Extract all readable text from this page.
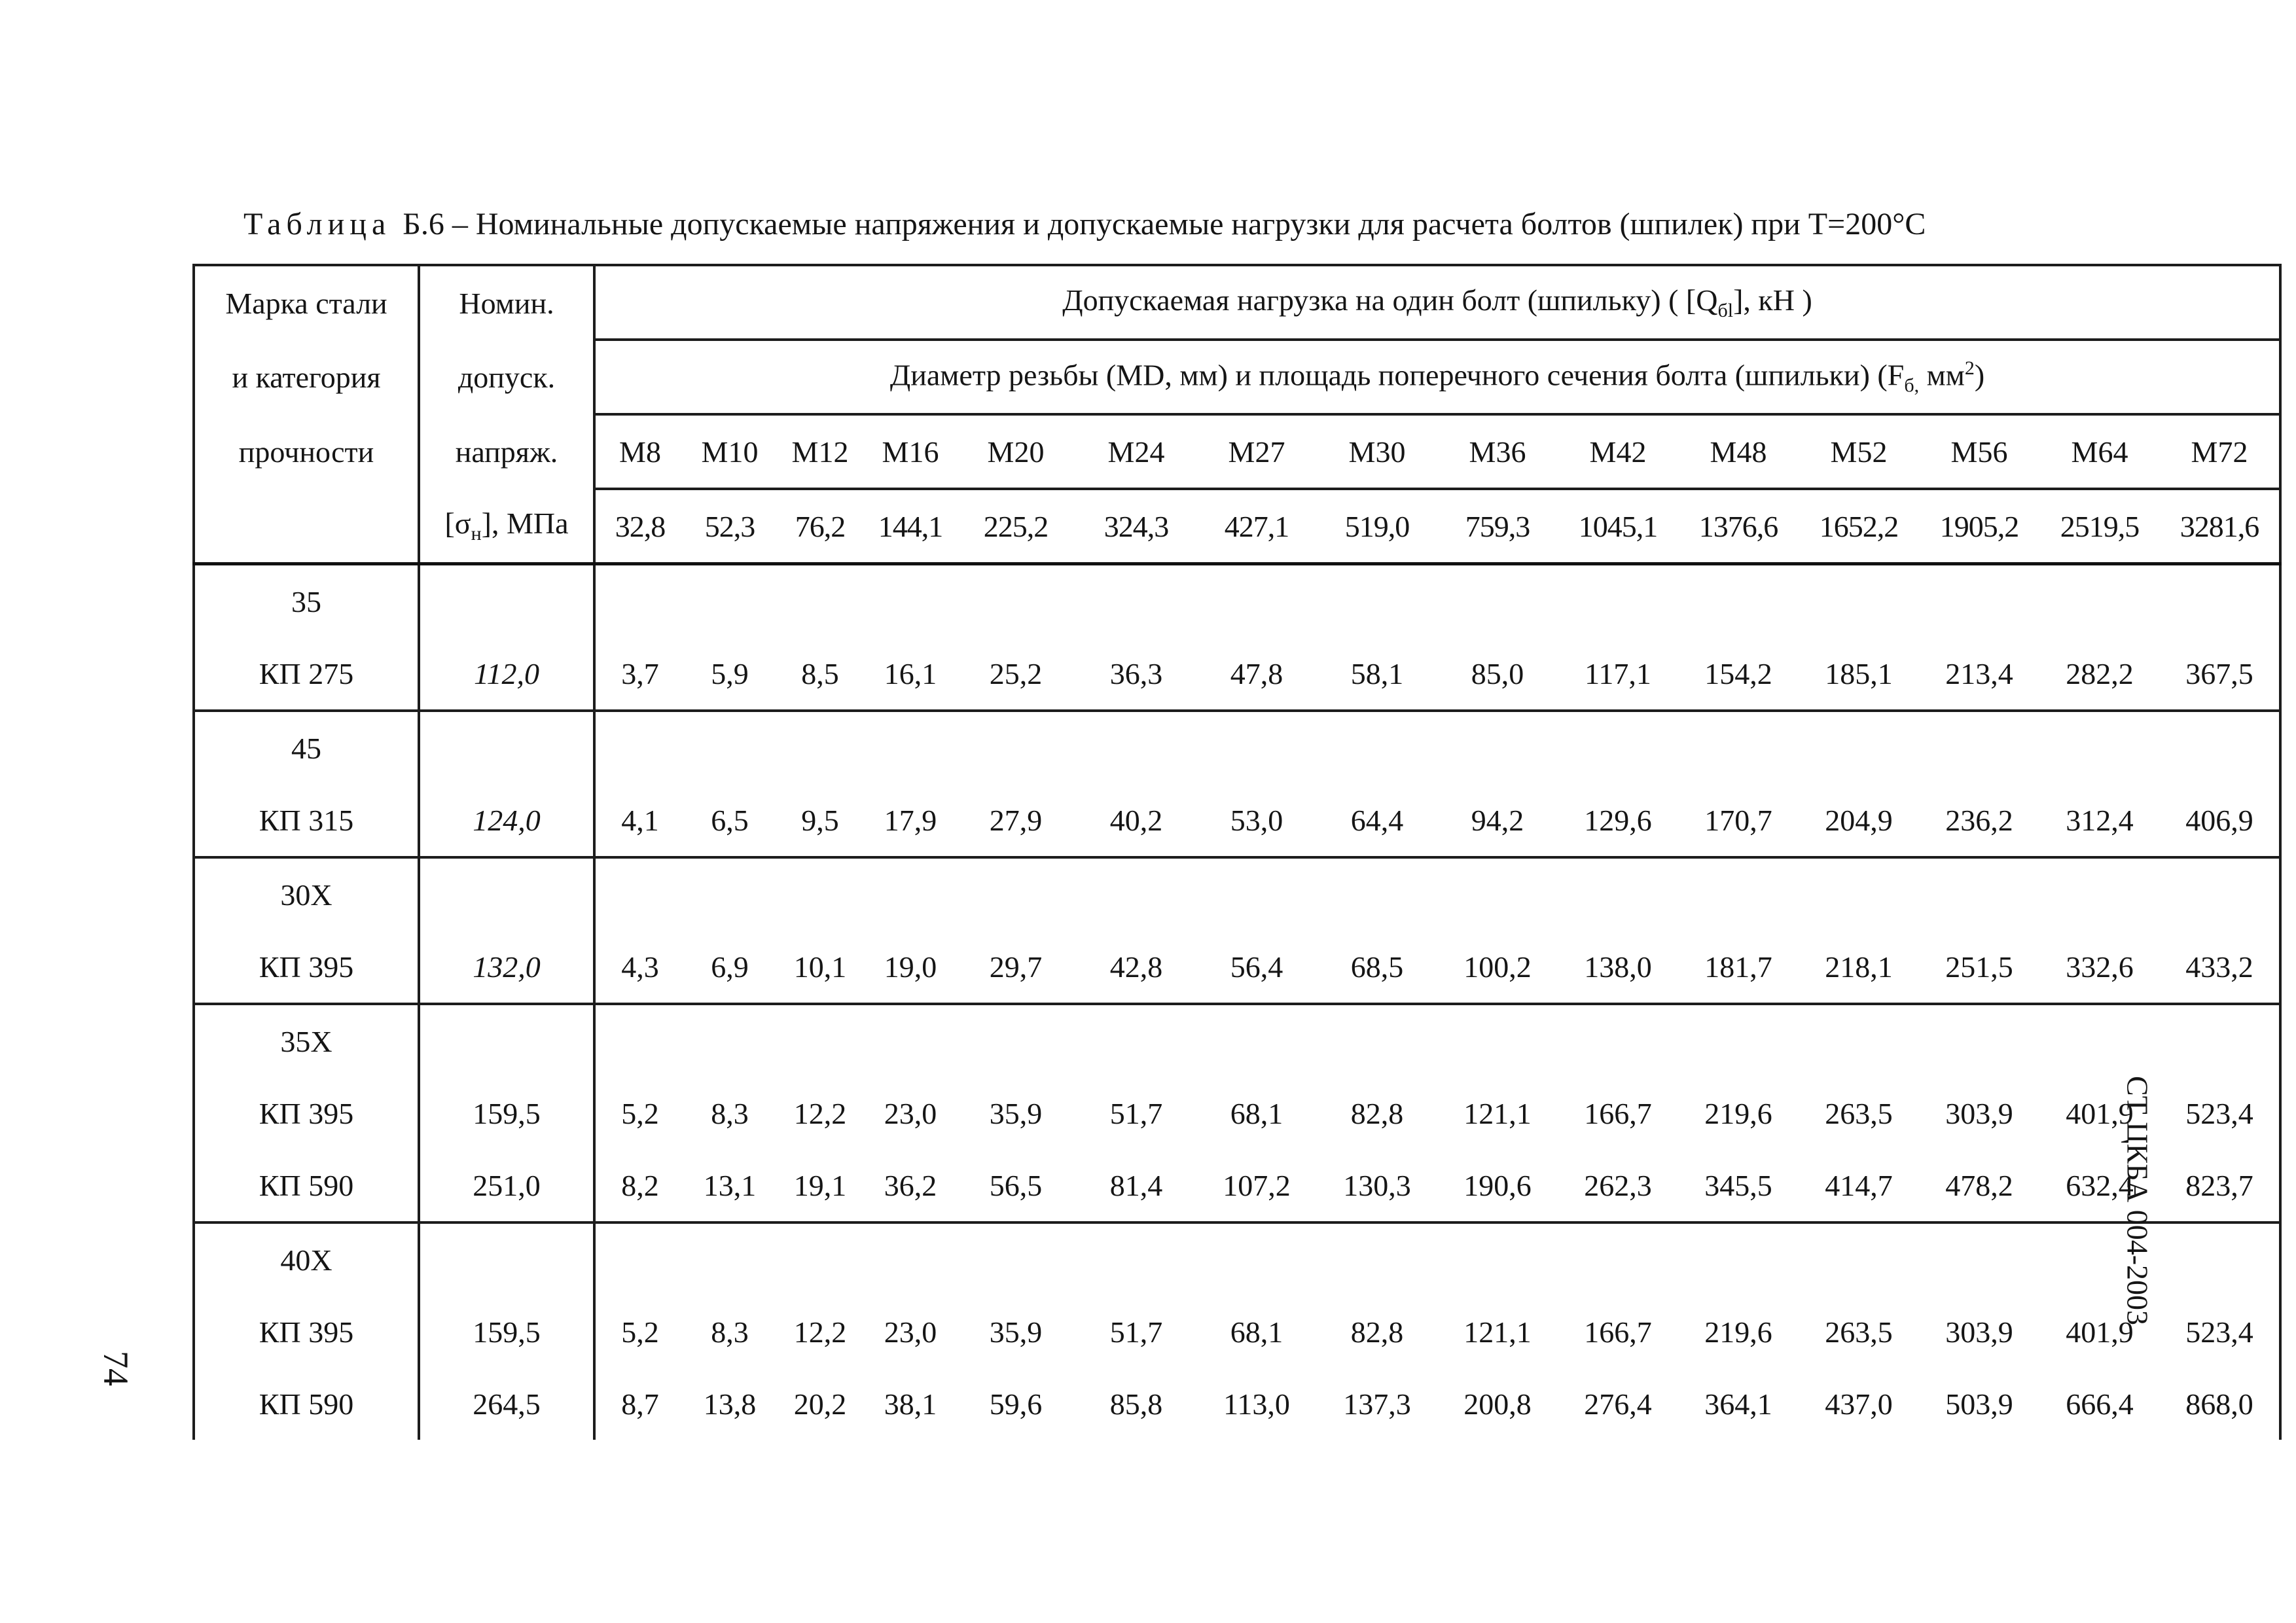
Таблица Б.6 – Номинальные допускаемые напряжения и допускаемые нагрузки для расчета болтов (шпилек) при Т=200°С
Марка стали	Номин.	Допускаемая нагрузка на один болт (шпильку) ( $[Q_{бl}]$, кН )														
и категория	допуск.	Диаметр резьбы (MD, мм) и площадь поперечного сечения болта (шпильки) ($F_{б,}$ $мм^2$)														
прочности	напряж.	M8	M10	M12	M16	M20	M24	M27	M30	M36	M42	M48	M52	M56	M64	M72
	$[\sigma_н]$, МПа	32,8	52,3	76,2	144,1	225,2	324,3	427,1	519,0	759,3	1045,1	1376,6	1652,2	1905,2	2519,5	3281,6
35																
КП 275	112,0	3,7	5,9	8,5	16,1	25,2	36,3	47,8	58,1	85,0	117,1	154,2	185,1	213,4	282,2	367,5
45																
КП 315	124,0	4,1	6,5	9,5	17,9	27,9	40,2	53,0	64,4	94,2	129,6	170,7	204,9	236,2	312,4	406,9
30Х																
КП 395	132,0	4,3	6,9	10,1	19,0	29,7	42,8	56,4	68,5	100,2	138,0	181,7	218,1	251,5	332,6	433,2
35Х																
КП 395	159,5	5,2	8,3	12,2	23,0	35,9	51,7	68,1	82,8	121,1	166,7	219,6	263,5	303,9	401,9	523,4
КП 590	251,0	8,2	13,1	19,1	36,2	56,5	81,4	107,2	130,3	190,6	262,3	345,5	414,7	478,2	632,4	823,7
40Х																
КП 395	159,5	5,2	8,3	12,2	23,0	35,9	51,7	68,1	82,8	121,1	166,7	219,6	263,5	303,9	401,9	523,4
КП 590	264,5	8,7	13,8	20,2	38,1	59,6	85,8	113,0	137,3	200,8	276,4	364,1	437,0	503,9	666,4	868,0
74
СТ ЦКБА 004-2003
